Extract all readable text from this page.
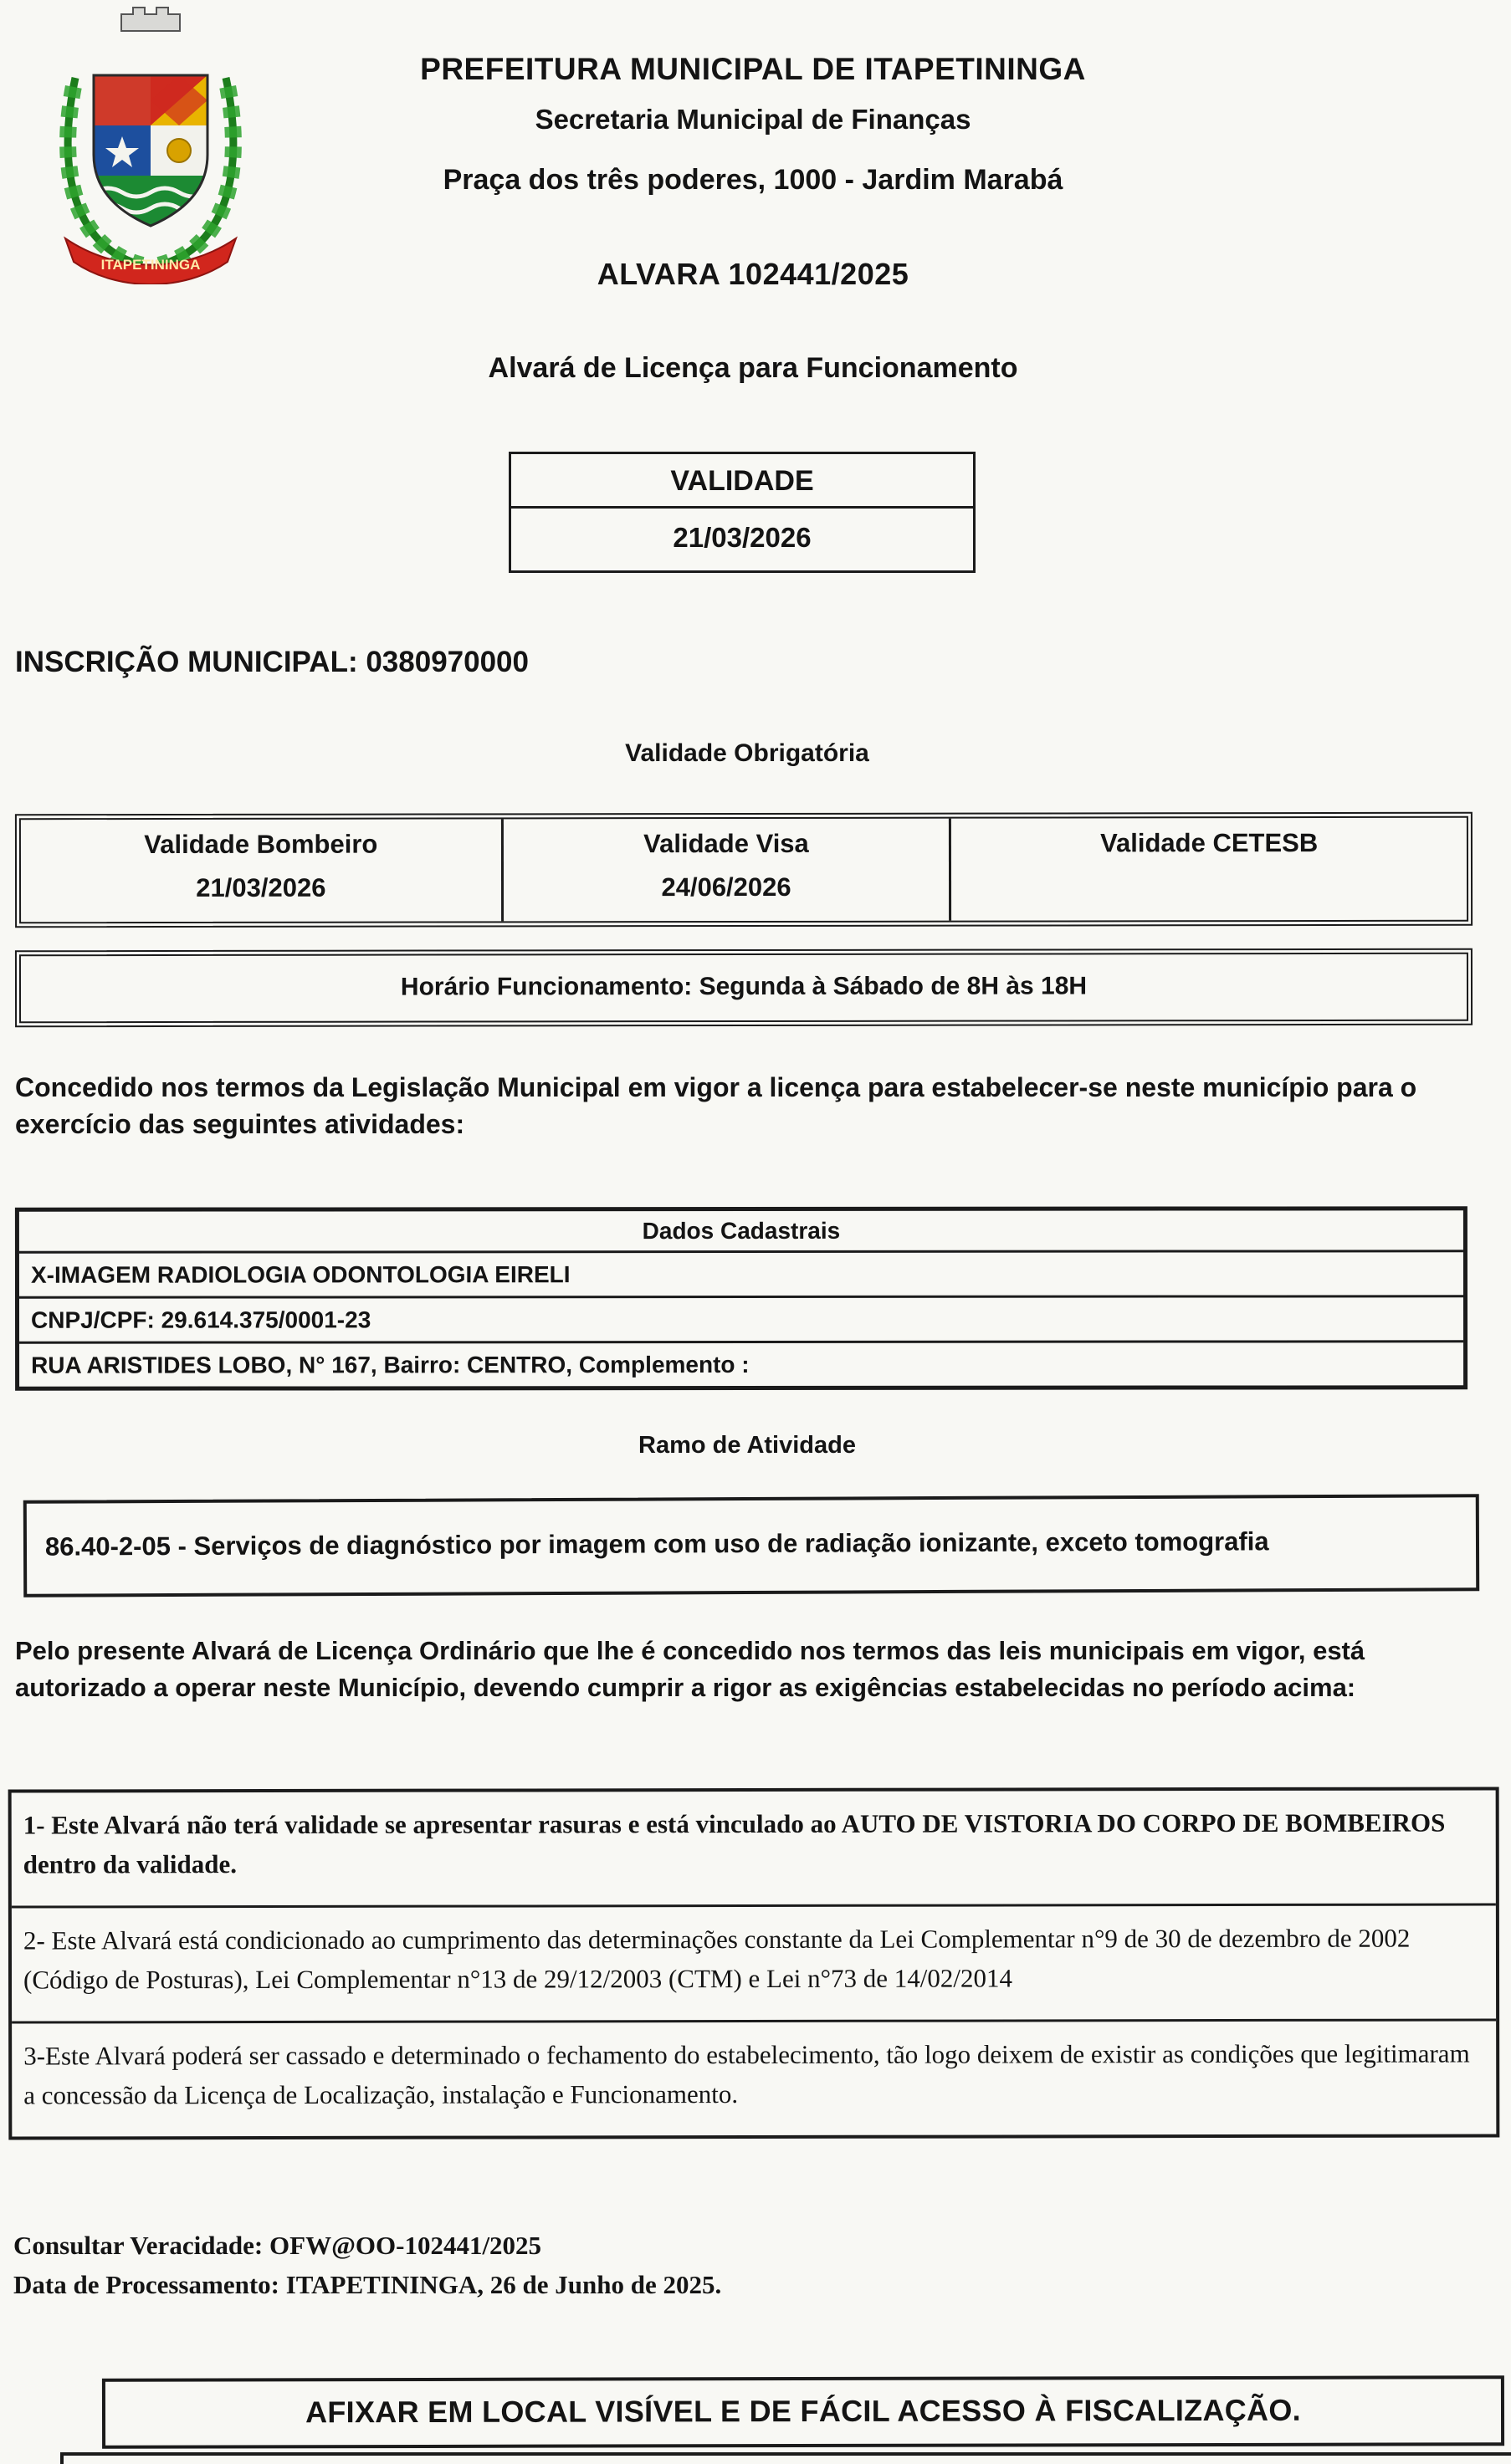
ITAPETININGA
PREFEITURA MUNICIPAL DE ITAPETININGA
Secretaria Municipal de Finanças
Praça dos três poderes, 1000 - Jardim Marabá
ALVARA 102441/2025
Alvará de Licença para Funcionamento
VALIDADE
21/03/2026
INSCRIÇÃO MUNICIPAL: 0380970000
Validade Obrigatória
Validade Bombeiro
21/03/2026
Validade Visa
24/06/2026
Validade CETESB
Horário Funcionamento: Segunda à Sábado de 8H às 18H
Concedido nos termos da Legislação Municipal em vigor a licença para estabelecer-se neste município para o exercício das seguintes atividades:
Dados Cadastrais
X-IMAGEM RADIOLOGIA ODONTOLOGIA EIRELI
CNPJ/CPF: 29.614.375/0001-23
RUA ARISTIDES LOBO, N° 167, Bairro: CENTRO, Complemento :
Ramo de Atividade
86.40-2-05 - Serviços de diagnóstico por imagem com uso de radiação ionizante, exceto tomografia
Pelo presente Alvará de Licença Ordinário que lhe é concedido nos termos das leis municipais em vigor, está autorizado a operar neste Município, devendo cumprir a rigor as exigências estabelecidas no período acima:
1- Este Alvará não terá validade se apresentar rasuras e está vinculado ao AUTO DE VISTORIA DO CORPO DE BOMBEIROS dentro da validade.
2- Este Alvará está condicionado ao cumprimento das determinações constante da Lei Complementar n°9 de 30 de dezembro de 2002 (Código de Posturas), Lei Complementar n°13 de 29/12/2003 (CTM) e Lei n°73 de 14/02/2014
3-Este Alvará poderá ser cassado e determinado o fechamento do estabelecimento, tão logo deixem de existir as condições que legitimaram a concessão da Licença de Localização, instalação e Funcionamento.
Consultar Veracidade: OFW@OO-102441/2025
Data de Processamento: ITAPETININGA, 26 de Junho de 2025.
AFIXAR EM LOCAL VISÍVEL E DE FÁCIL ACESSO À FISCALIZAÇÃO.
